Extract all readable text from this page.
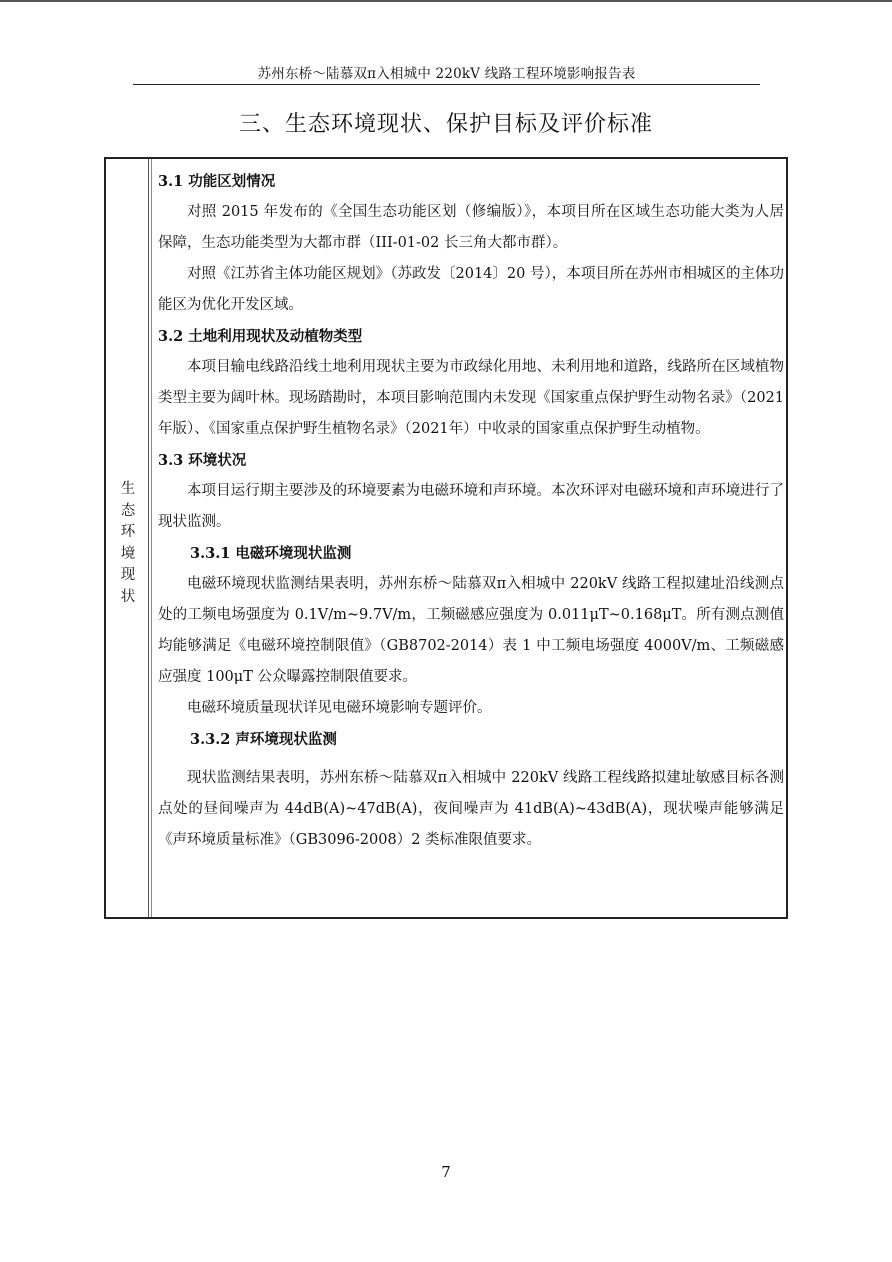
苏州东桥～陆慕双π入相城中 220kV 线路工程环境影响报告表
三、生态环境现状、保护目标及评价标准
生
态
环
境
现
状

3.1 功能区划情况

对照 2015 年发布的《全国生态功能区划（修编版）》，本项目所在区域生态功能大类为人居保障，生态功能类型为大都市群（III-01-02 长三角大都市群）。

对照《江苏省主体功能区规划》（苏政发〔2014〕20 号），本项目所在苏州市相城区的主体功能区为优化开发区域。

3.2 土地利用现状及动植物类型

本项目输电线路沿线土地利用现状主要为市政绿化用地、未利用地和道路，线路所在区域植物类型主要为阔叶林。现场踏勘时，本项目影响范围内未发现《国家重点保护野生动物名录》（2021年版）、《国家重点保护野生植物名录》（2021年）中收录的国家重点保护野生动植物。

3.3 环境状况

本项目运行期主要涉及的环境要素为电磁环境和声环境。本次环评对电磁环境和声环境进行了现状监测。

3.3.1 电磁环境现状监测

电磁环境现状监测结果表明，苏州东桥～陆慕双π入相城中 220kV 线路工程拟建址沿线测点处的工频电场强度为 0.1V/m~9.7V/m，工频磁感应强度为 0.011μT~0.168μT。所有测点测值均能够满足《电磁环境控制限值》（GB8702-2014）表 1 中工频电场强度 4000V/m、工频磁感应强度 100μT 公众曝露控制限值要求。

电磁环境质量现状详见电磁环境影响专题评价。

3.3.2 声环境现状监测

现状监测结果表明，苏州东桥～陆慕双π入相城中 220kV 线路工程线路拟建址敏感目标各测点处的昼间噪声为 44dB(A)~47dB(A)，夜间噪声为 41dB(A)~43dB(A)，现状噪声能够满足《声环境质量标准》（GB3096-2008）2 类标准限值要求。

7
